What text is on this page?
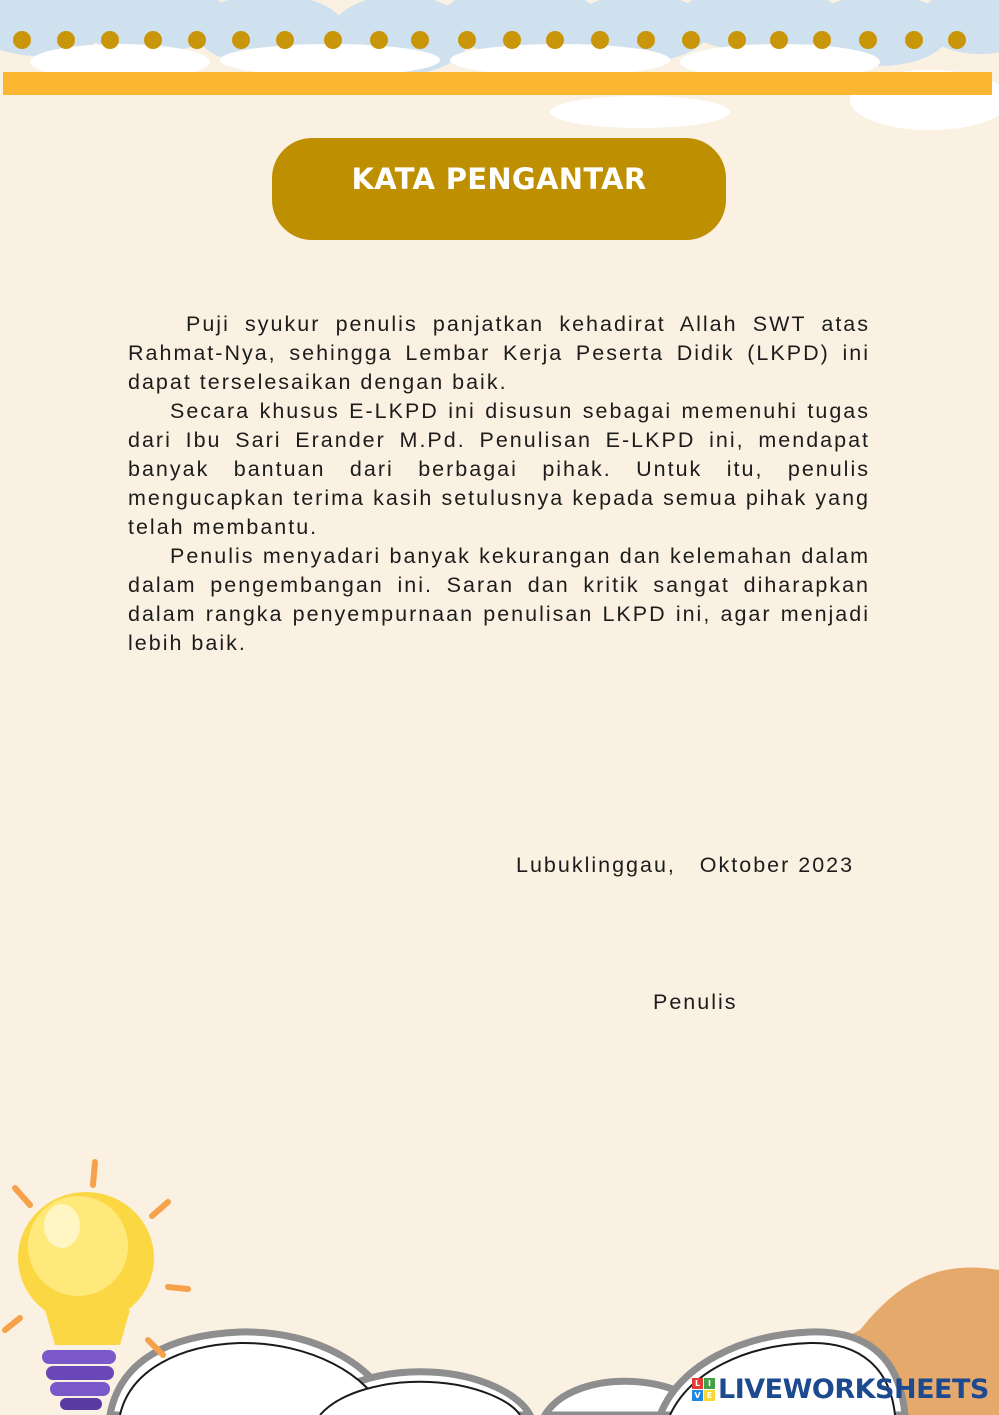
KATA PENGANTAR

Puji syukur penulis panjatkan kehadirat Allah SWT atas Rahmat-Nya, sehingga Lembar Kerja Peserta Didik (LKPD) ini dapat terselesaikan dengan baik.

Secara khusus E-LKPD ini disusun sebagai memenuhi tugas dari Ibu Sari Erander M.Pd. Penulisan E-LKPD ini, mendapat banyak bantuan dari berbagai pihak. Untuk itu, penulis mengucapkan terima kasih setulusnya kepada semua pihak yang telah membantu.

Penulis menyadari banyak kekurangan dan kelemahan dalam dalam pengembangan ini. Saran dan kritik sangat diharapkan dalam rangka penyempurnaan penulisan LKPD ini, agar menjadi lebih baik.

Lubuklinggau,   Oktober 2023
Penulis
L I
V E LIVEWORKSHEETS
